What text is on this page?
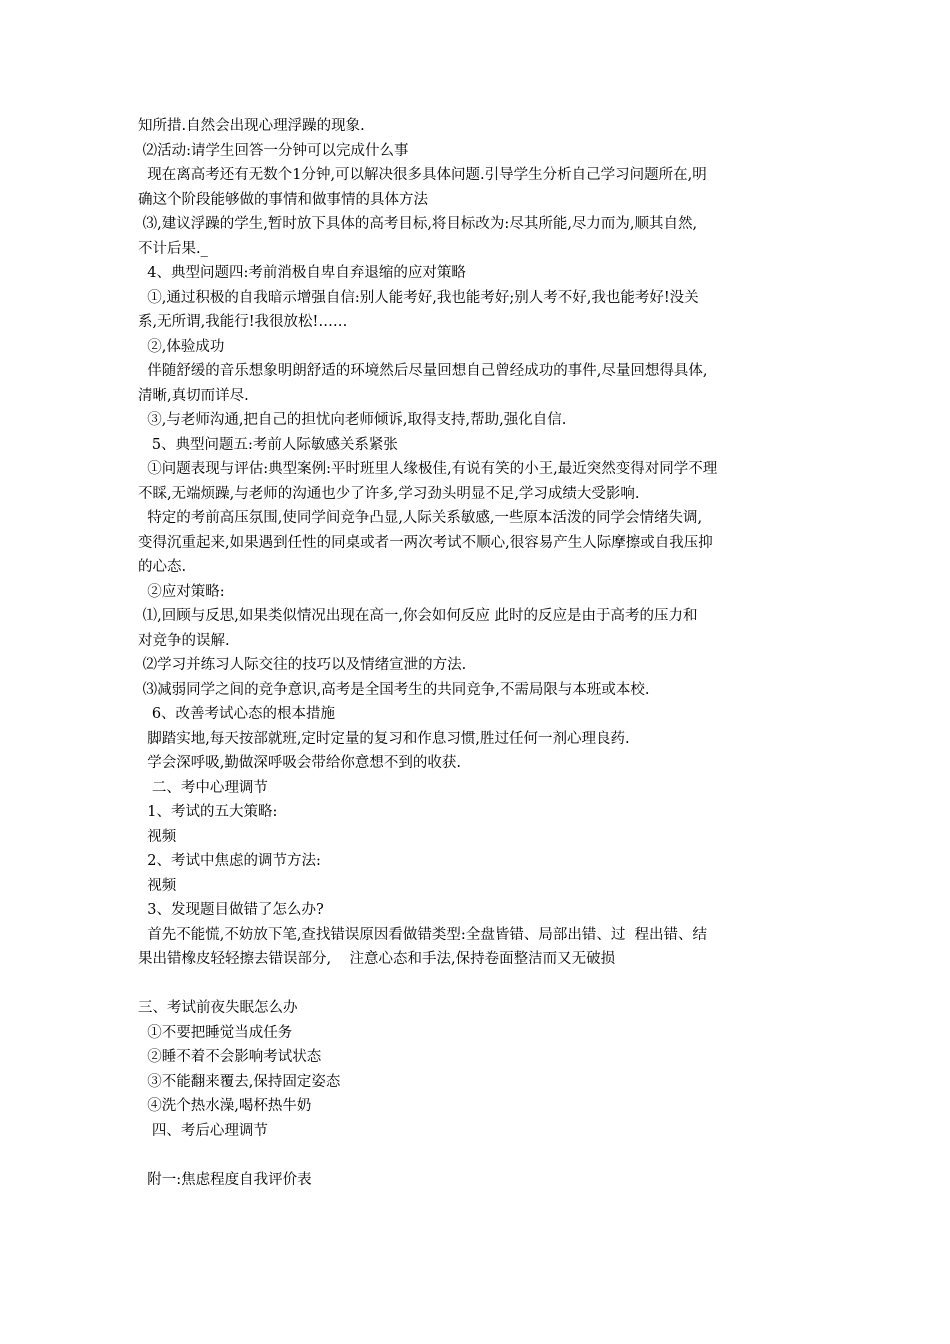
知所措.自然会出现心理浮躁的现象.
⑵活动:请学生回答一分钟可以完成什么事
现在离高考还有无数个1分钟,可以解决很多具体问题.引导学生分析自己学习问题所在,明
确这个阶段能够做的事情和做事情的具体方法
⑶,建议浮躁的学生,暂时放下具体的高考目标,将目标改为:尽其所能,尽力而为,顺其自然,
不计后果._
4、典型问题四:考前消极自卑自弃退缩的应对策略
①,通过积极的自我暗示增强自信:别人能考好,我也能考好;别人考不好,我也能考好!没关
系,无所谓,我能行!我很放松!……
②,体验成功
伴随舒缓的音乐想象明朗舒适的环境然后尽量回想自己曾经成功的事件,尽量回想得具体,
清晰,真切而详尽.
③,与老师沟通,把自己的担忧向老师倾诉,取得支持,帮助,强化自信.
5、典型问题五:考前人际敏感关系紧张
①问题表现与评估:典型案例:平时班里人缘极佳,有说有笑的小王,最近突然变得对同学不理
不睬,无端烦躁,与老师的沟通也少了许多,学习劲头明显不足,学习成绩大受影响.
特定的考前高压氛围,使同学间竞争凸显,人际关系敏感,一些原本活泼的同学会情绪失调,
变得沉重起来,如果遇到任性的同桌或者一两次考试不顺心,很容易产生人际摩擦或自我压抑
的心态.
②应对策略:
⑴,回顾与反思,如果类似情况出现在高一,你会如何反应 此时的反应是由于高考的压力和
对竞争的误解.
⑵学习并练习人际交往的技巧以及情绪宣泄的方法.
⑶减弱同学之间的竞争意识,高考是全国考生的共同竞争,不需局限与本班或本校.
6、改善考试心态的根本措施
脚踏实地,每天按部就班,定时定量的复习和作息习惯,胜过任何一剂心理良药.
学会深呼吸,勤做深呼吸会带给你意想不到的收获.
二、考中心理调节
1、考试的五大策略:
视频
2、考试中焦虑的调节方法:
视频
3、发现题目做错了怎么办?
首先不能慌,不妨放下笔,查找错误原因看做错类型:全盘皆错、局部出错、过  程出错、结
果出错橡皮轻轻擦去错误部分,    注意心态和手法,保持卷面整洁而又无破损
三、考试前夜失眠怎么办
①不要把睡觉当成任务
②睡不着不会影响考试状态
③不能翻来覆去,保持固定姿态
④洗个热水澡,喝杯热牛奶
四、考后心理调节
附一:焦虑程度自我评价表
